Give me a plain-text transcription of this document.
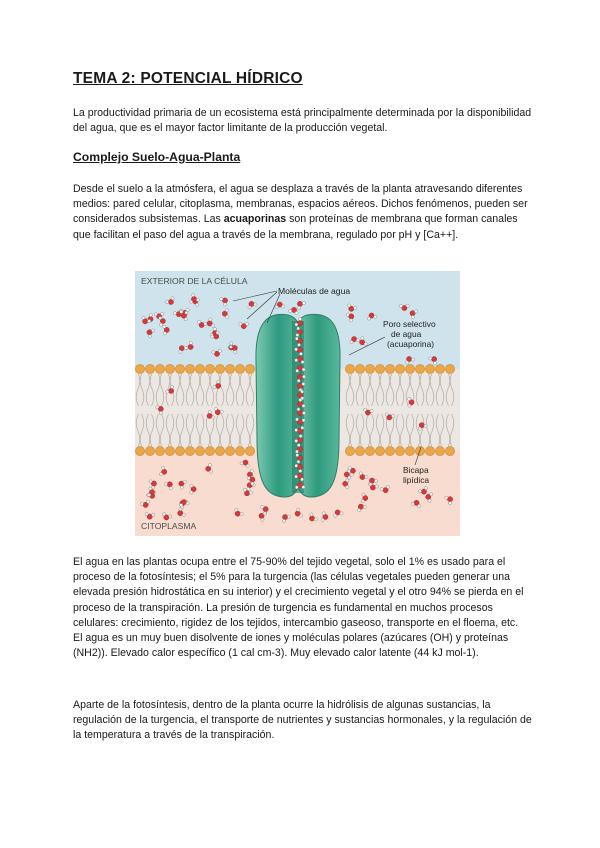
TEMA 2: POTENCIAL HÍDRICO

La productividad primaria de un ecosistema está principalmente determinada por la disponibilidad del agua, que es el mayor factor limitante de la producción vegetal.

Complejo Suelo-Agua-Planta

Desde el suelo a la atmósfera, el agua se desplaza a través de la planta atravesando diferentes medios: pared celular, citoplasma, membranas, espacios aéreos. Dichos fenómenos, pueden ser considerados subsistemas. Las acuaporinas son proteínas de membrana que forman canales que facilitan el paso del agua a través de la membrana, regulado por pH y [Ca++].

EXTERIOR DE LA CÉLULA
Moléculas de agua
Poro selectivo
de agua
(acuaporina)
Bicapa
lipídica
CITOPLASMA

El agua en las plantas ocupa entre el 75-90% del tejido vegetal, solo el 1% es usado para el proceso de la fotosíntesis; el 5% para la turgencia (las células vegetales pueden generar una elevada presión hidrostática en su interior) y el crecimiento vegetal y el otro 94% se pierda en el proceso de la transpiración. La presión de turgencia es fundamental en muchos procesos celulares: crecimiento, rigidez de los tejidos, intercambio gaseoso, transporte en el floema, etc.

El agua es un muy buen disolvente de iones y moléculas polares (azúcares (OH) y proteínas (NH2)). Elevado calor específico (1 cal cm-3). Muy elevado calor latente (44 kJ mol-1).

Aparte de la fotosíntesis, dentro de la planta ocurre la hidrólisis de algunas sustancias, la regulación de la turgencia, el transporte de nutrientes y sustancias hormonales, y la regulación de la temperatura a través de la transpiración.
